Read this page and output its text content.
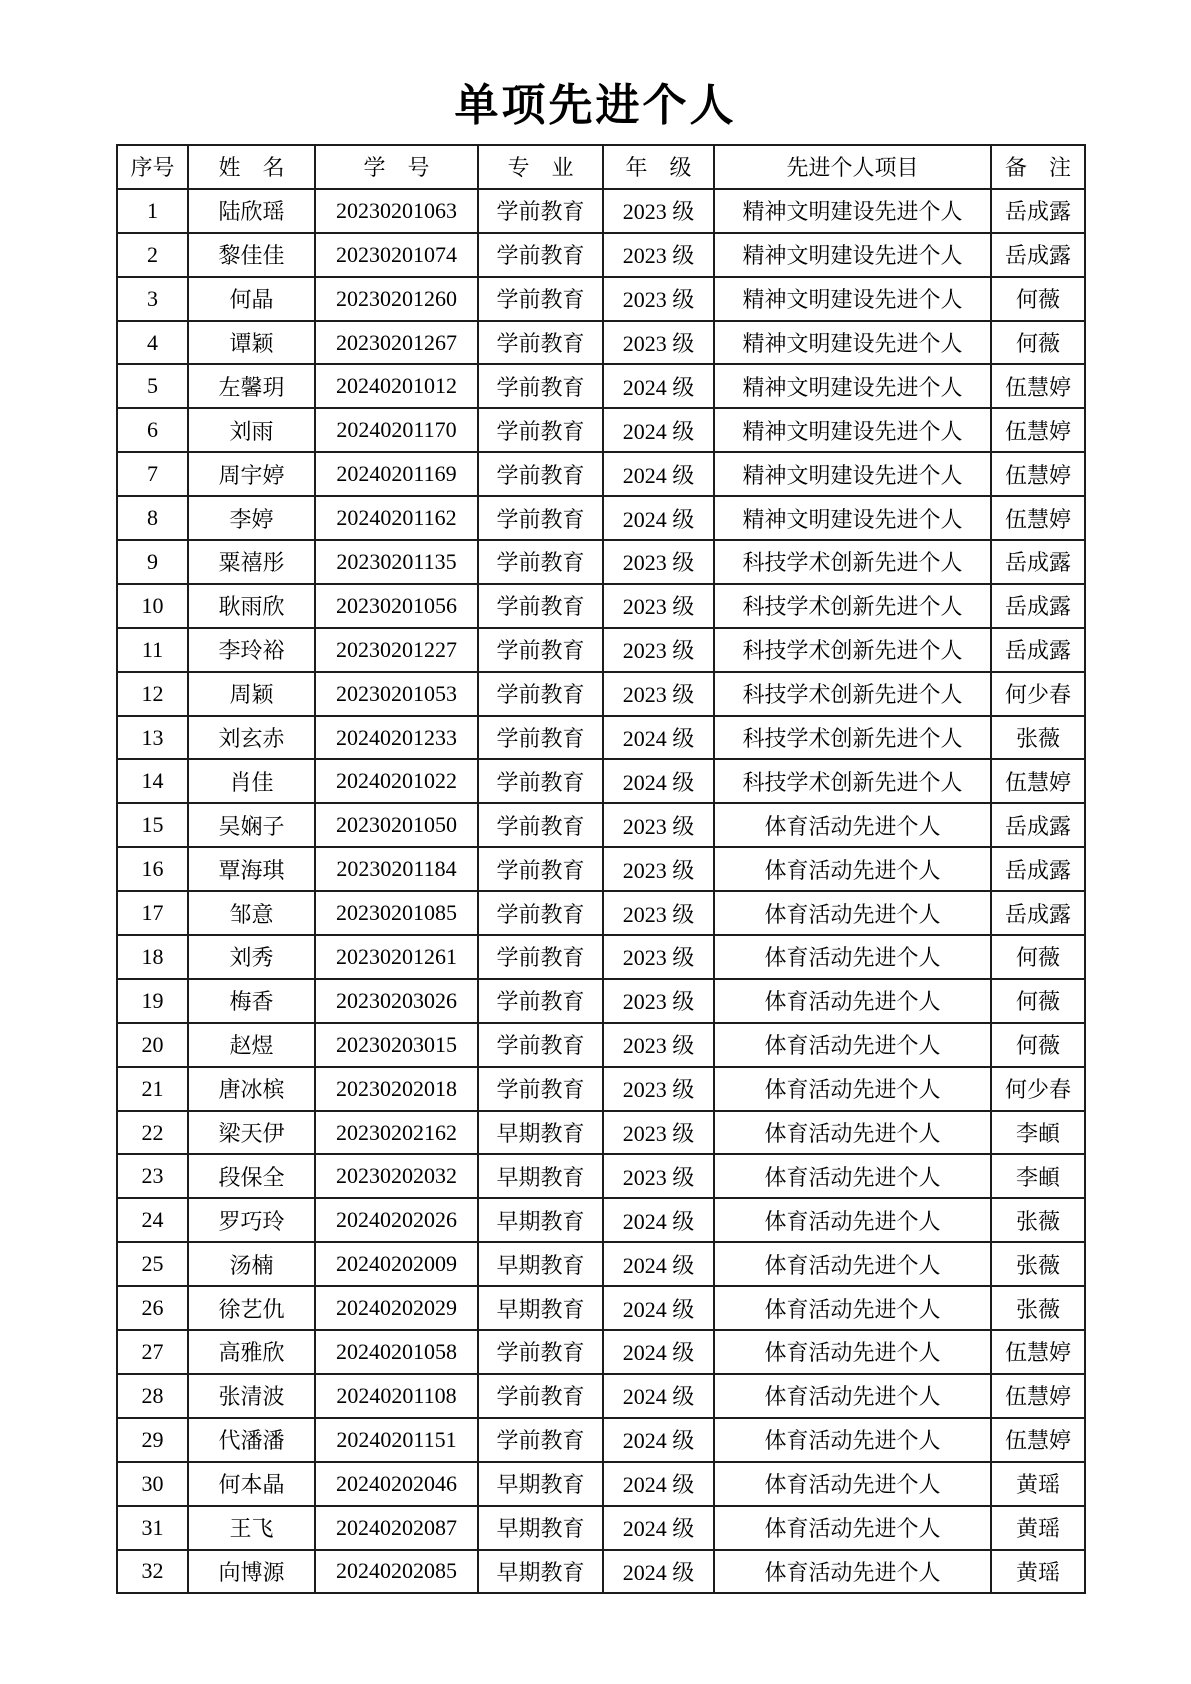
单项先进个人
序号	姓　名	学　号	专　业	年　级	先进个人项目	备　注
1	陆欣瑶	20230201063	学前教育	2023 级	精神文明建设先进个人	岳成露
2	黎佳佳	20230201074	学前教育	2023 级	精神文明建设先进个人	岳成露
3	何晶	20230201260	学前教育	2023 级	精神文明建设先进个人	何薇
4	谭颖	20230201267	学前教育	2023 级	精神文明建设先进个人	何薇
5	左馨玥	20240201012	学前教育	2024 级	精神文明建设先进个人	伍慧婷
6	刘雨	20240201170	学前教育	2024 级	精神文明建设先进个人	伍慧婷
7	周宇婷	20240201169	学前教育	2024 级	精神文明建设先进个人	伍慧婷
8	李婷	20240201162	学前教育	2024 级	精神文明建设先进个人	伍慧婷
9	粟禧彤	20230201135	学前教育	2023 级	科技学术创新先进个人	岳成露
10	耿雨欣	20230201056	学前教育	2023 级	科技学术创新先进个人	岳成露
11	李玲裕	20230201227	学前教育	2023 级	科技学术创新先进个人	岳成露
12	周颖	20230201053	学前教育	2023 级	科技学术创新先进个人	何少春
13	刘玄赤	20240201233	学前教育	2024 级	科技学术创新先进个人	张薇
14	肖佳	20240201022	学前教育	2024 级	科技学术创新先进个人	伍慧婷
15	吴娴子	20230201050	学前教育	2023 级	体育活动先进个人	岳成露
16	覃海琪	20230201184	学前教育	2023 级	体育活动先进个人	岳成露
17	邹意	20230201085	学前教育	2023 级	体育活动先进个人	岳成露
18	刘秀	20230201261	学前教育	2023 级	体育活动先进个人	何薇
19	梅香	20230203026	学前教育	2023 级	体育活动先进个人	何薇
20	赵煜	20230203015	学前教育	2023 级	体育活动先进个人	何薇
21	唐冰槟	20230202018	学前教育	2023 级	体育活动先进个人	何少春
22	梁天伊	20230202162	早期教育	2023 级	体育活动先进个人	李頔
23	段保全	20230202032	早期教育	2023 级	体育活动先进个人	李頔
24	罗巧玲	20240202026	早期教育	2024 级	体育活动先进个人	张薇
25	汤楠	20240202009	早期教育	2024 级	体育活动先进个人	张薇
26	徐艺仇	20240202029	早期教育	2024 级	体育活动先进个人	张薇
27	高雅欣	20240201058	学前教育	2024 级	体育活动先进个人	伍慧婷
28	张清波	20240201108	学前教育	2024 级	体育活动先进个人	伍慧婷
29	代潘潘	20240201151	学前教育	2024 级	体育活动先进个人	伍慧婷
30	何本晶	20240202046	早期教育	2024 级	体育活动先进个人	黄瑶
31	王飞	20240202087	早期教育	2024 级	体育活动先进个人	黄瑶
32	向博源	20240202085	早期教育	2024 级	体育活动先进个人	黄瑶
